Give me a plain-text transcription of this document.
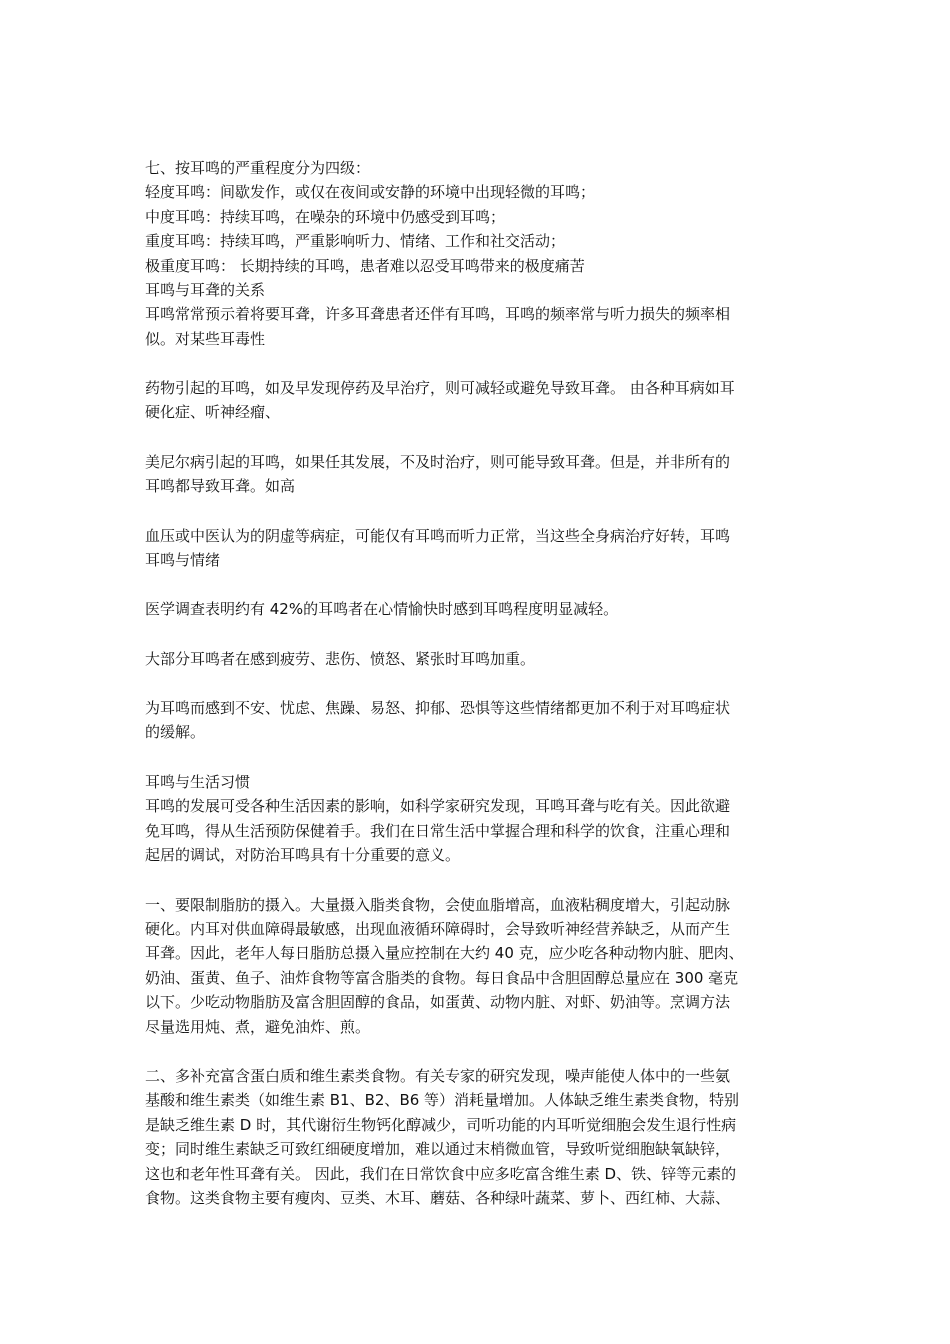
七、按耳鸣的严重程度分为四级：
轻度耳鸣：间歇发作，或仅在夜间或安静的环境中出现轻微的耳鸣；
中度耳鸣：持续耳鸣，在噪杂的环境中仍感受到耳鸣；
重度耳鸣：持续耳鸣，严重影响听力、情绪、工作和社交活动；
极重度耳鸣： 长期持续的耳鸣，患者难以忍受耳鸣带来的极度痛苦
耳鸣与耳聋的关系
耳鸣常常预示着将要耳聋，许多耳聋患者还伴有耳鸣，耳鸣的频率常与听力损失的频率相
似。对某些耳毒性
药物引起的耳鸣，如及早发现停药及早治疗，则可减轻或避免导致耳聋。 由各种耳病如耳
硬化症、听神经瘤、
美尼尔病引起的耳鸣，如果任其发展，不及时治疗，则可能导致耳聋。但是，并非所有的
耳鸣都导致耳聋。如高
血压或中医认为的阴虚等病症，可能仅有耳鸣而听力正常，当这些全身病治疗好转，耳鸣
耳鸣与情绪
医学调查表明约有 42%的耳鸣者在心情愉快时感到耳鸣程度明显减轻。
大部分耳鸣者在感到疲劳、悲伤、愤怒、紧张时耳鸣加重。
为耳鸣而感到不安、忧虑、焦躁、易怒、抑郁、恐惧等这些情绪都更加不利于对耳鸣症状
的缓解。
耳鸣与生活习惯
耳鸣的发展可受各种生活因素的影响，如科学家研究发现，耳鸣耳聋与吃有关。因此欲避
免耳鸣，得从生活预防保健着手。我们在日常生活中掌握合理和科学的饮食，注重心理和
起居的调试，对防治耳鸣具有十分重要的意义。
一、要限制脂肪的摄入。大量摄入脂类食物，会使血脂增高，血液粘稠度增大，引起动脉
硬化。内耳对供血障碍最敏感，出现血液循环障碍时，会导致听神经营养缺乏，从而产生
耳聋。因此，老年人每日脂肪总摄入量应控制在大约 40 克，应少吃各种动物内脏、肥肉、
奶油、蛋黄、鱼子、油炸食物等富含脂类的食物。每日食品中含胆固醇总量应在 300 毫克
以下。少吃动物脂肪及富含胆固醇的食品，如蛋黄、动物内脏、对虾、奶油等。烹调方法
尽量选用炖、煮，避免油炸、煎。
二、多补充富含蛋白质和维生素类食物。有关专家的研究发现，噪声能使人体中的一些氨
基酸和维生素类（如维生素 B1、B2、B6 等）消耗量增加。人体缺乏维生素类食物，特别
是缺乏维生素 D 时，其代谢衍生物钙化醇减少，司听功能的内耳听觉细胞会发生退行性病
变；同时维生素缺乏可致红细硬度增加，难以通过末梢微血管，导致听觉细胞缺氧缺锌，
这也和老年性耳聋有关。 因此，我们在日常饮食中应多吃富含维生素 D、铁、锌等元素的
食物。这类食物主要有瘦肉、豆类、木耳、蘑菇、各种绿叶蔬菜、萝卜、西红柿、大蒜、
